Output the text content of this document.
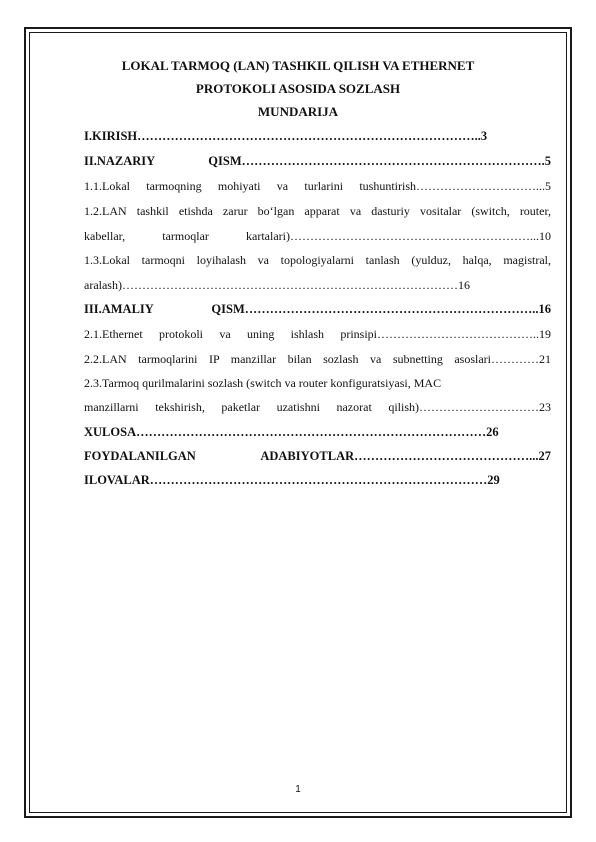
LOKAL TARMOQ (LAN) TASHKIL QILISH VA ETHERNET
PROTOKOLI ASOSIDA SOZLASH
MUNDARIJA
I.KIRISH………………………………………………………………………..3
II.NAZARIY QISM……………………………………………………………….5
1.1.Lokal tarmoqning mohiyati va turlarini tushuntirish…………………………...5
1.2.LAN tashkil etishda zarur boʻlgan apparat va dasturiy vositalar (switch, router,
kabellar, tarmoqlar kartalari)……………………………………………………...10
1.3.Lokal tarmoqni loyihalash va topologiyalarni tanlash (yulduz, halqa, magistral,
aralash)…………………………………………………………………………16
III.AMALIY QISM……………………………………………………………..16
2.1.Ethernet protokoli va uning ishlash prinsipi…………………………………..19
2.2.LAN tarmoqlarini IP manzillar bilan sozlash va subnetting asoslari…………21
2.3.Tarmoq qurilmalarini sozlash (switch va router konfiguratsiyasi, MAC
manzillarni tekshirish, paketlar uzatishni nazorat qilish)…………………………23
XULOSA…………………………………………………………………………26
FOYDALANILGAN ADABIYOTLAR……………………………………...27
ILOVALAR………………………………………………………………………29
1
